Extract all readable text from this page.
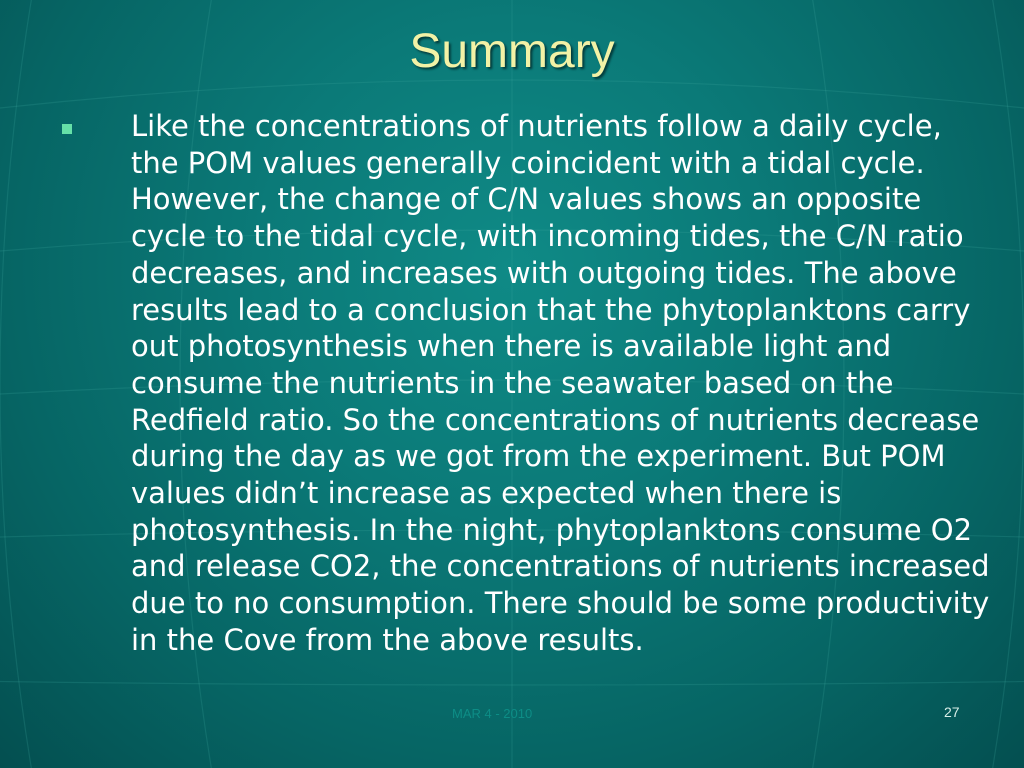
Summary

Like the concentrations of nutrients follow a daily cycle, the POM values generally coincident with a tidal cycle. However, the change of C/N values shows an opposite cycle to the tidal cycle, with incoming tides, the C/N ratio decreases, and increases with outgoing tides. The above results lead to a conclusion that the phytoplanktons carry out photosynthesis when there is available light and consume the nutrients in the seawater based on the Redfield ratio. So the concentrations of nutrients decrease during the day as we got from the experiment. But POM values didn’t increase as expected when there is photosynthesis. In the night, phytoplanktons consume O2 and release CO2, the concentrations of nutrients increased due to no consumption. There should be some productivity in the Cove from the above results.

MAR 4 - 2010	27
